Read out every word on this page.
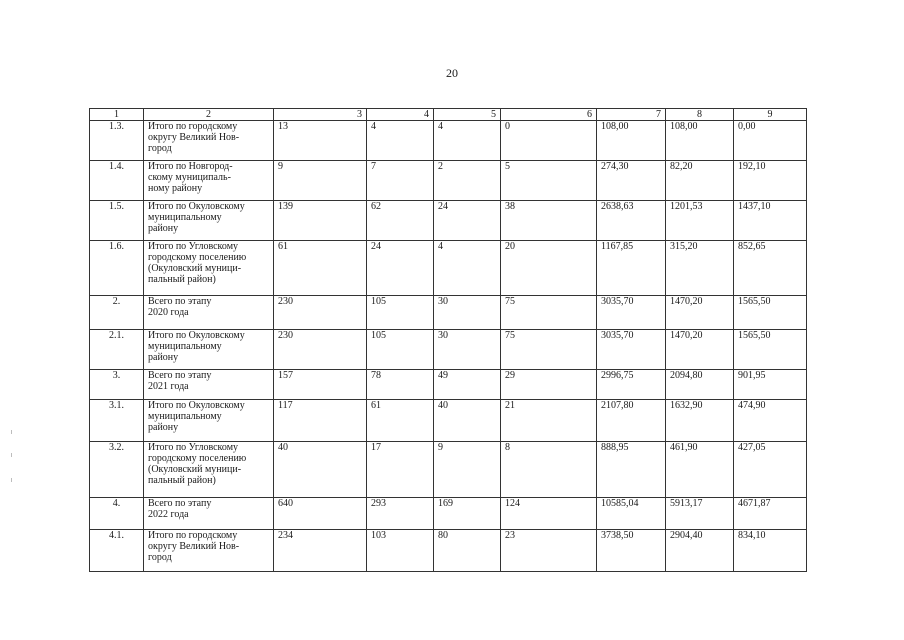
20
1	2	3	4	5	6	7	8	9
1.3.	Итого по городскому
округу Великий Нов-
город	13	4	4	0	108,00	108,00	0,00
1.4.	Итого по Новгород-
скому муниципаль-
ному району	9	7	2	5	274,30	82,20	192,10
1.5.	Итого по Окуловскому
муниципальному
району	139	62	24	38	2638,63	1201,53	1437,10
1.6.	Итого по Угловскому
городскому поселению
(Окуловский муници-
пальный район)	61	24	4	20	1167,85	315,20	852,65
2.	Всего по этапу
2020 года	230	105	30	75	3035,70	1470,20	1565,50
2.1.	Итого по Окуловскому
муниципальному
району	230	105	30	75	3035,70	1470,20	1565,50
3.	Всего по этапу
2021 года	157	78	49	29	2996,75	2094,80	901,95
3.1.	Итого по Окуловскому
муниципальному
району	117	61	40	21	2107,80	1632,90	474,90
3.2.	Итого по Угловскому
городскому поселению
(Окуловский муници-
пальный район)	40	17	9	8	888,95	461,90	427,05
4.	Всего по этапу
2022 года	640	293	169	124	10585,04	5913,17	4671,87
4.1.	Итого по городскому
округу Великий Нов-
город	234	103	80	23	3738,50	2904,40	834,10
